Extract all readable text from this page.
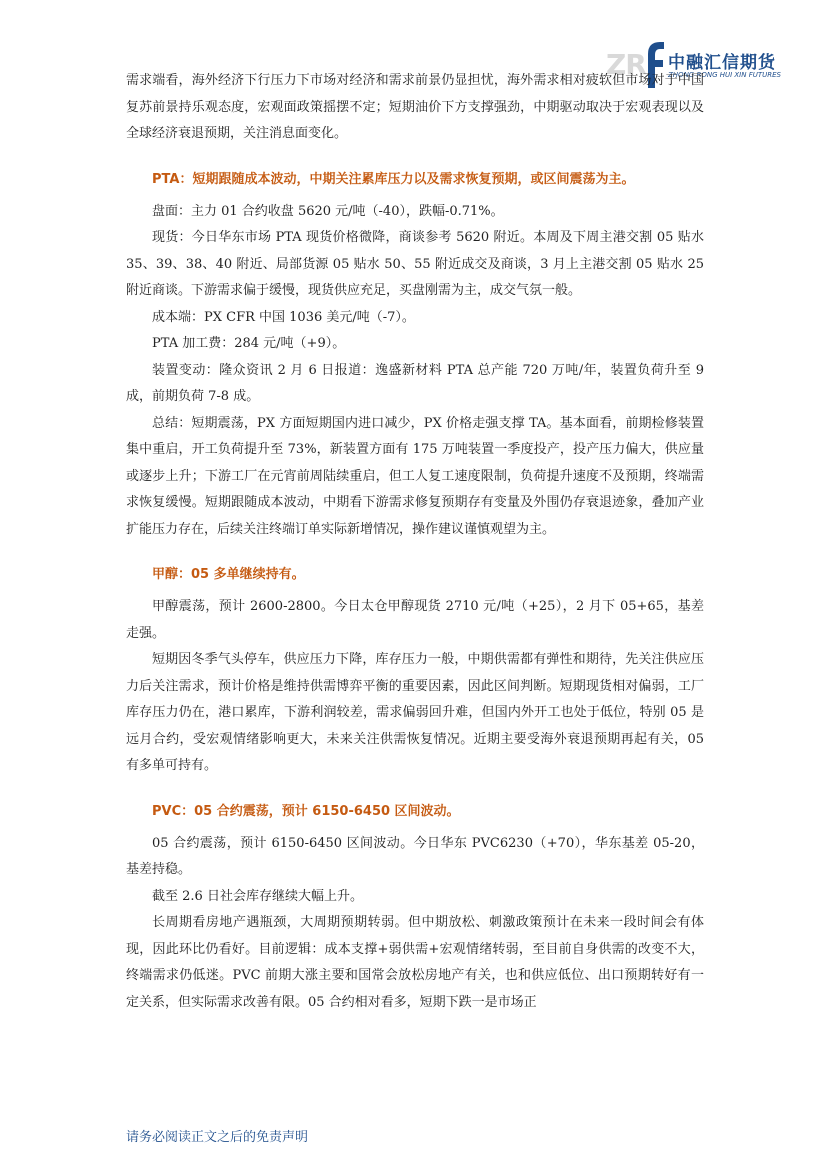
ZR 中融汇信期货
ZHONG RONG HUI XIN FUTURES

需求端看，海外经济下行压力下市场对经济和需求前景仍显担忧，海外需求相对疲软但市场对于中国复苏前景持乐观态度，宏观面政策摇摆不定；短期油价下方支撑强劲，中期驱动取决于宏观表现以及全球经济衰退预期，关注消息面变化。

PTA：短期跟随成本波动，中期关注累库压力以及需求恢复预期，或区间震荡为主。

盘面：主力 01 合约收盘 5620 元/吨（-40），跌幅-0.71%。

现货：今日华东市场 PTA 现货价格微降，商谈参考 5620 附近。本周及下周主港交割 05 贴水 35、39、38、40 附近、局部货源 05 贴水 50、55 附近成交及商谈，3 月上主港交割 05 贴水 25 附近商谈。下游需求偏于缓慢，现货供应充足，买盘刚需为主，成交气氛一般。

成本端：PX CFR 中国 1036 美元/吨（-7）。

PTA 加工费：284 元/吨（+9）。

装置变动：隆众资讯 2 月 6 日报道：逸盛新材料 PTA 总产能 720 万吨/年，装置负荷升至 9 成，前期负荷 7-8 成。

总结：短期震荡，PX 方面短期国内进口减少，PX 价格走强支撑 TA。基本面看，前期检修装置集中重启，开工负荷提升至 73%，新装置方面有 175 万吨装置一季度投产，投产压力偏大，供应量或逐步上升；下游工厂在元宵前周陆续重启，但工人复工速度限制，负荷提升速度不及预期，终端需求恢复缓慢。短期跟随成本波动，中期看下游需求修复预期存有变量及外围仍存衰退迹象，叠加产业扩能压力存在，后续关注终端订单实际新增情况，操作建议谨慎观望为主。

甲醇：05 多单继续持有。

甲醇震荡，预计 2600-2800。今日太仓甲醇现货 2710 元/吨（+25），2 月下 05+65，基差走强。

短期因冬季气头停车，供应压力下降，库存压力一般，中期供需都有弹性和期待，先关注供应压力后关注需求，预计价格是维持供需博弈平衡的重要因素，因此区间判断。短期现货相对偏弱，工厂库存压力仍在，港口累库，下游利润较差，需求偏弱回升难，但国内外开工也处于低位，特别 05 是远月合约，受宏观情绪影响更大，未来关注供需恢复情况。近期主要受海外衰退预期再起有关，05 有多单可持有。

PVC：05 合约震荡，预计 6150-6450 区间波动。

05 合约震荡，预计 6150-6450 区间波动。今日华东 PVC6230（+70），华东基差 05-20，基差持稳。

截至 2.6 日社会库存继续大幅上升。

长周期看房地产遇瓶颈，大周期预期转弱。但中期放松、刺激政策预计在未来一段时间会有体现，因此环比仍看好。目前逻辑：成本支撑+弱供需+宏观情绪转弱，至目前自身供需的改变不大，终端需求仍低迷。PVC 前期大涨主要和国常会放松房地产有关，也和供应低位、出口预期转好有一定关系，但实际需求改善有限。05 合约相对看多，短期下跌一是市场正

请务必阅读正文之后的免责声明
